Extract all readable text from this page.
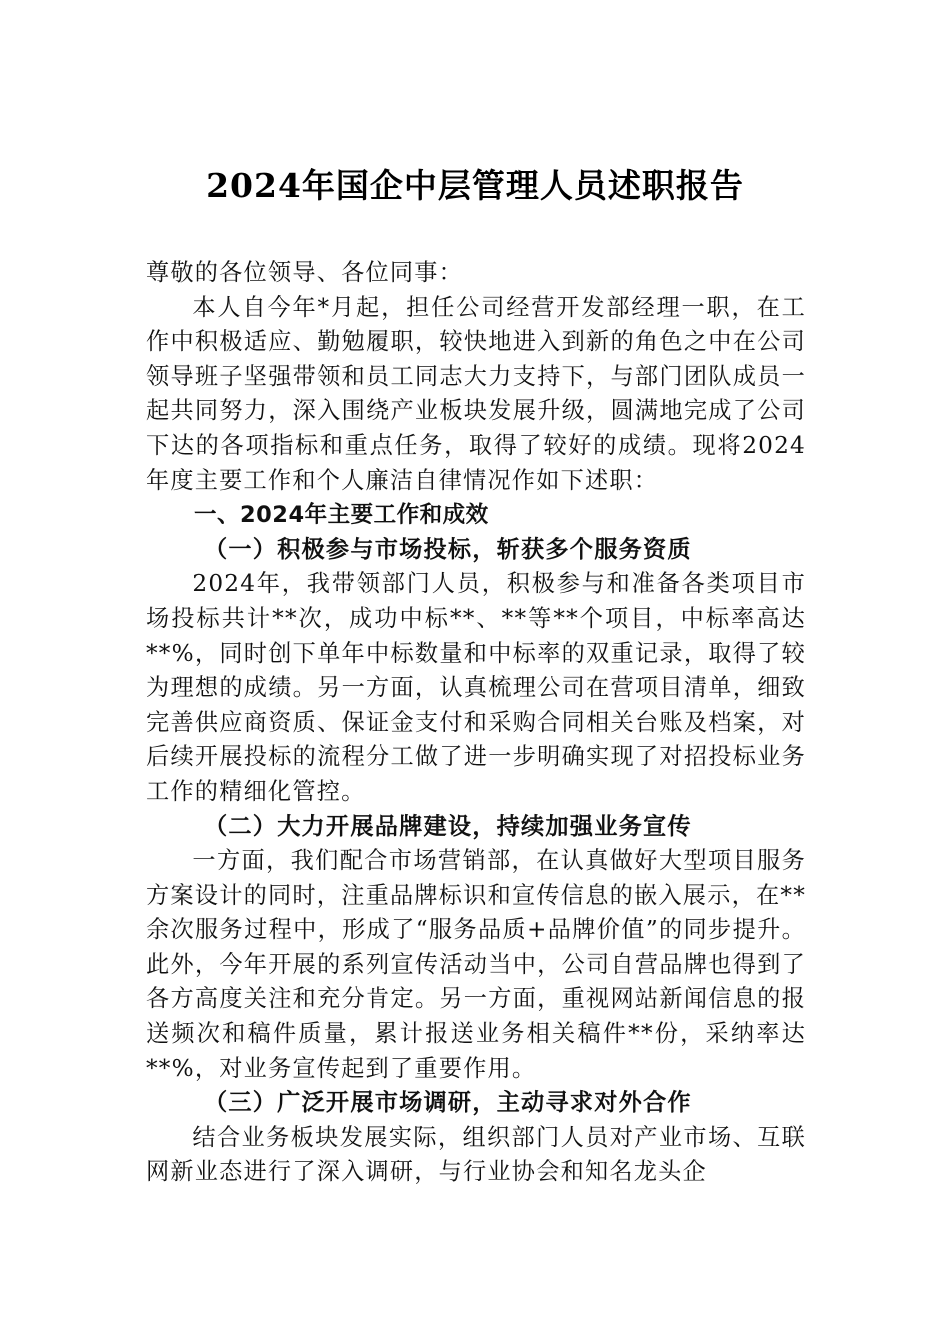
2024年国企中层管理人员述职报告

尊敬的各位领导、各位同事：

本人自今年*月起，担任公司经营开发部经理一职，在工作中积极适应、勤勉履职，较快地进入到新的角色之中在公司领导班子坚强带领和员工同志大力支持下，与部门团队成员一起共同努力，深入围绕产业板块发展升级，圆满地完成了公司下达的各项指标和重点任务，取得了较好的成绩。现将2024年度主要工作和个人廉洁自律情况作如下述职：

一、2024年主要工作和成效

（一）积极参与市场投标，斩获多个服务资质

2024年，我带领部门人员，积极参与和准备各类项目市场投标共计**次，成功中标**、**等**个项目，中标率高达**%，同时创下单年中标数量和中标率的双重记录，取得了较为理想的成绩。另一方面，认真梳理公司在营项目清单，细致完善供应商资质、保证金支付和采购合同相关台账及档案，对后续开展投标的流程分工做了进一步明确实现了对招投标业务工作的精细化管控。

（二）大力开展品牌建设，持续加强业务宣传

一方面，我们配合市场营销部，在认真做好大型项目服务方案设计的同时，注重品牌标识和宣传信息的嵌入展示，在**余次服务过程中，形成了“服务品质+品牌价值”的同步提升。此外，今年开展的系列宣传活动当中，公司自营品牌也得到了各方高度关注和充分肯定。另一方面，重视网站新闻信息的报送频次和稿件质量，累计报送业务相关稿件**份，采纳率达**%，对业务宣传起到了重要作用。

（三）广泛开展市场调研，主动寻求对外合作

结合业务板块发展实际，组织部门人员对产业市场、互联网新业态进行了深入调研，与行业协会和知名龙头企
